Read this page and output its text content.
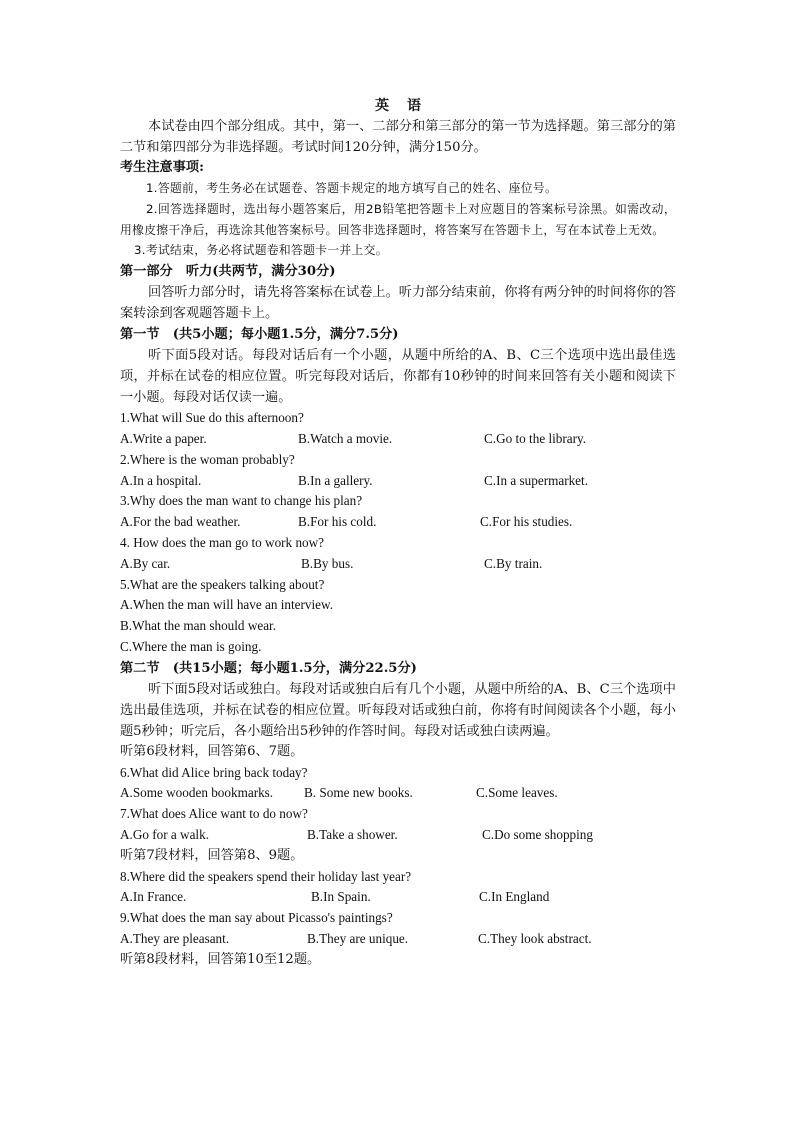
英语

本试卷由四个部分组成。其中，第一、二部分和第三部分的第一节为选择题。第三部分的第二节和第四部分为非选择题。考试时间120分钟，满分150分。

考生注意事项:

1.答题前，考生务必在试题卷、答题卡规定的地方填写自己的姓名、座位号。

2.回答选择题时，选出每小题答案后，用2B铅笔把答题卡上对应题目的答案标号涂黑。如需改动，用橡皮擦干净后，再选涂其他答案标号。回答非选择题时，将答案写在答题卡上，写在本试卷上无效。

3.考试结束，务必将试题卷和答题卡一并上交。

第一部分　听力(共两节，满分30分)

回答听力部分时，请先将答案标在试卷上。听力部分结束前，你将有两分钟的时间将你的答案转涂到客观题答题卡上。

第一节　(共5小题；每小题1.5分，满分7.5分)

听下面5段对话。每段对话后有一个小题，从题中所给的A、B、C三个选项中选出最佳选项，并标在试卷的相应位置。听完每段对话后，你都有10秒钟的时间来回答有关小题和阅读下一小题。每段对话仅读一遍。

1.What will Sue do this afternoon?
A.Write a paper.	B.Watch a movie.	C.Go to the library.
2.Where is the woman probably?
A.In a hospital.	B.In a gallery.	C.In a supermarket.
3.Why does the man want to change his plan?
A.For the bad weather.	B.For his cold.	C.For his studies.
4. How does the man go to work now?
A.By car.	B.By bus.	C.By train.
5.What are the speakers talking about?
A.When the man will have an interview.
B.What the man should wear.
C.Where the man is going.
第二节　(共15小题；每小题1.5分，满分22.5分)

听下面5段对话或独白。每段对话或独白后有几个小题，从题中所给的A、B、C三个选项中选出最佳选项，并标在试卷的相应位置。听每段对话或独白前，你将有时间阅读各个小题，每小题5秒钟；听完后，各小题给出5秒钟的作答时间。每段对话或独白读两遍。

听第6段材料，回答第6、7题。
6.What did Alice bring back today?
A.Some wooden bookmarks. B. Some new books.	C.Some leaves.
7.What does Alice want to do now?
A.Go for a walk.	B.Take a shower.	C.Do some shopping
听第7段材料，回答第8、9题。
8.Where did the speakers spend their holiday last year?
A.In France.	B.In Spain.	C.In England
9.What does the man say about Picasso's paintings?
A.They are pleasant.	B.They are unique.	C.They look abstract.
听第8段材料，回答第10至12题。
